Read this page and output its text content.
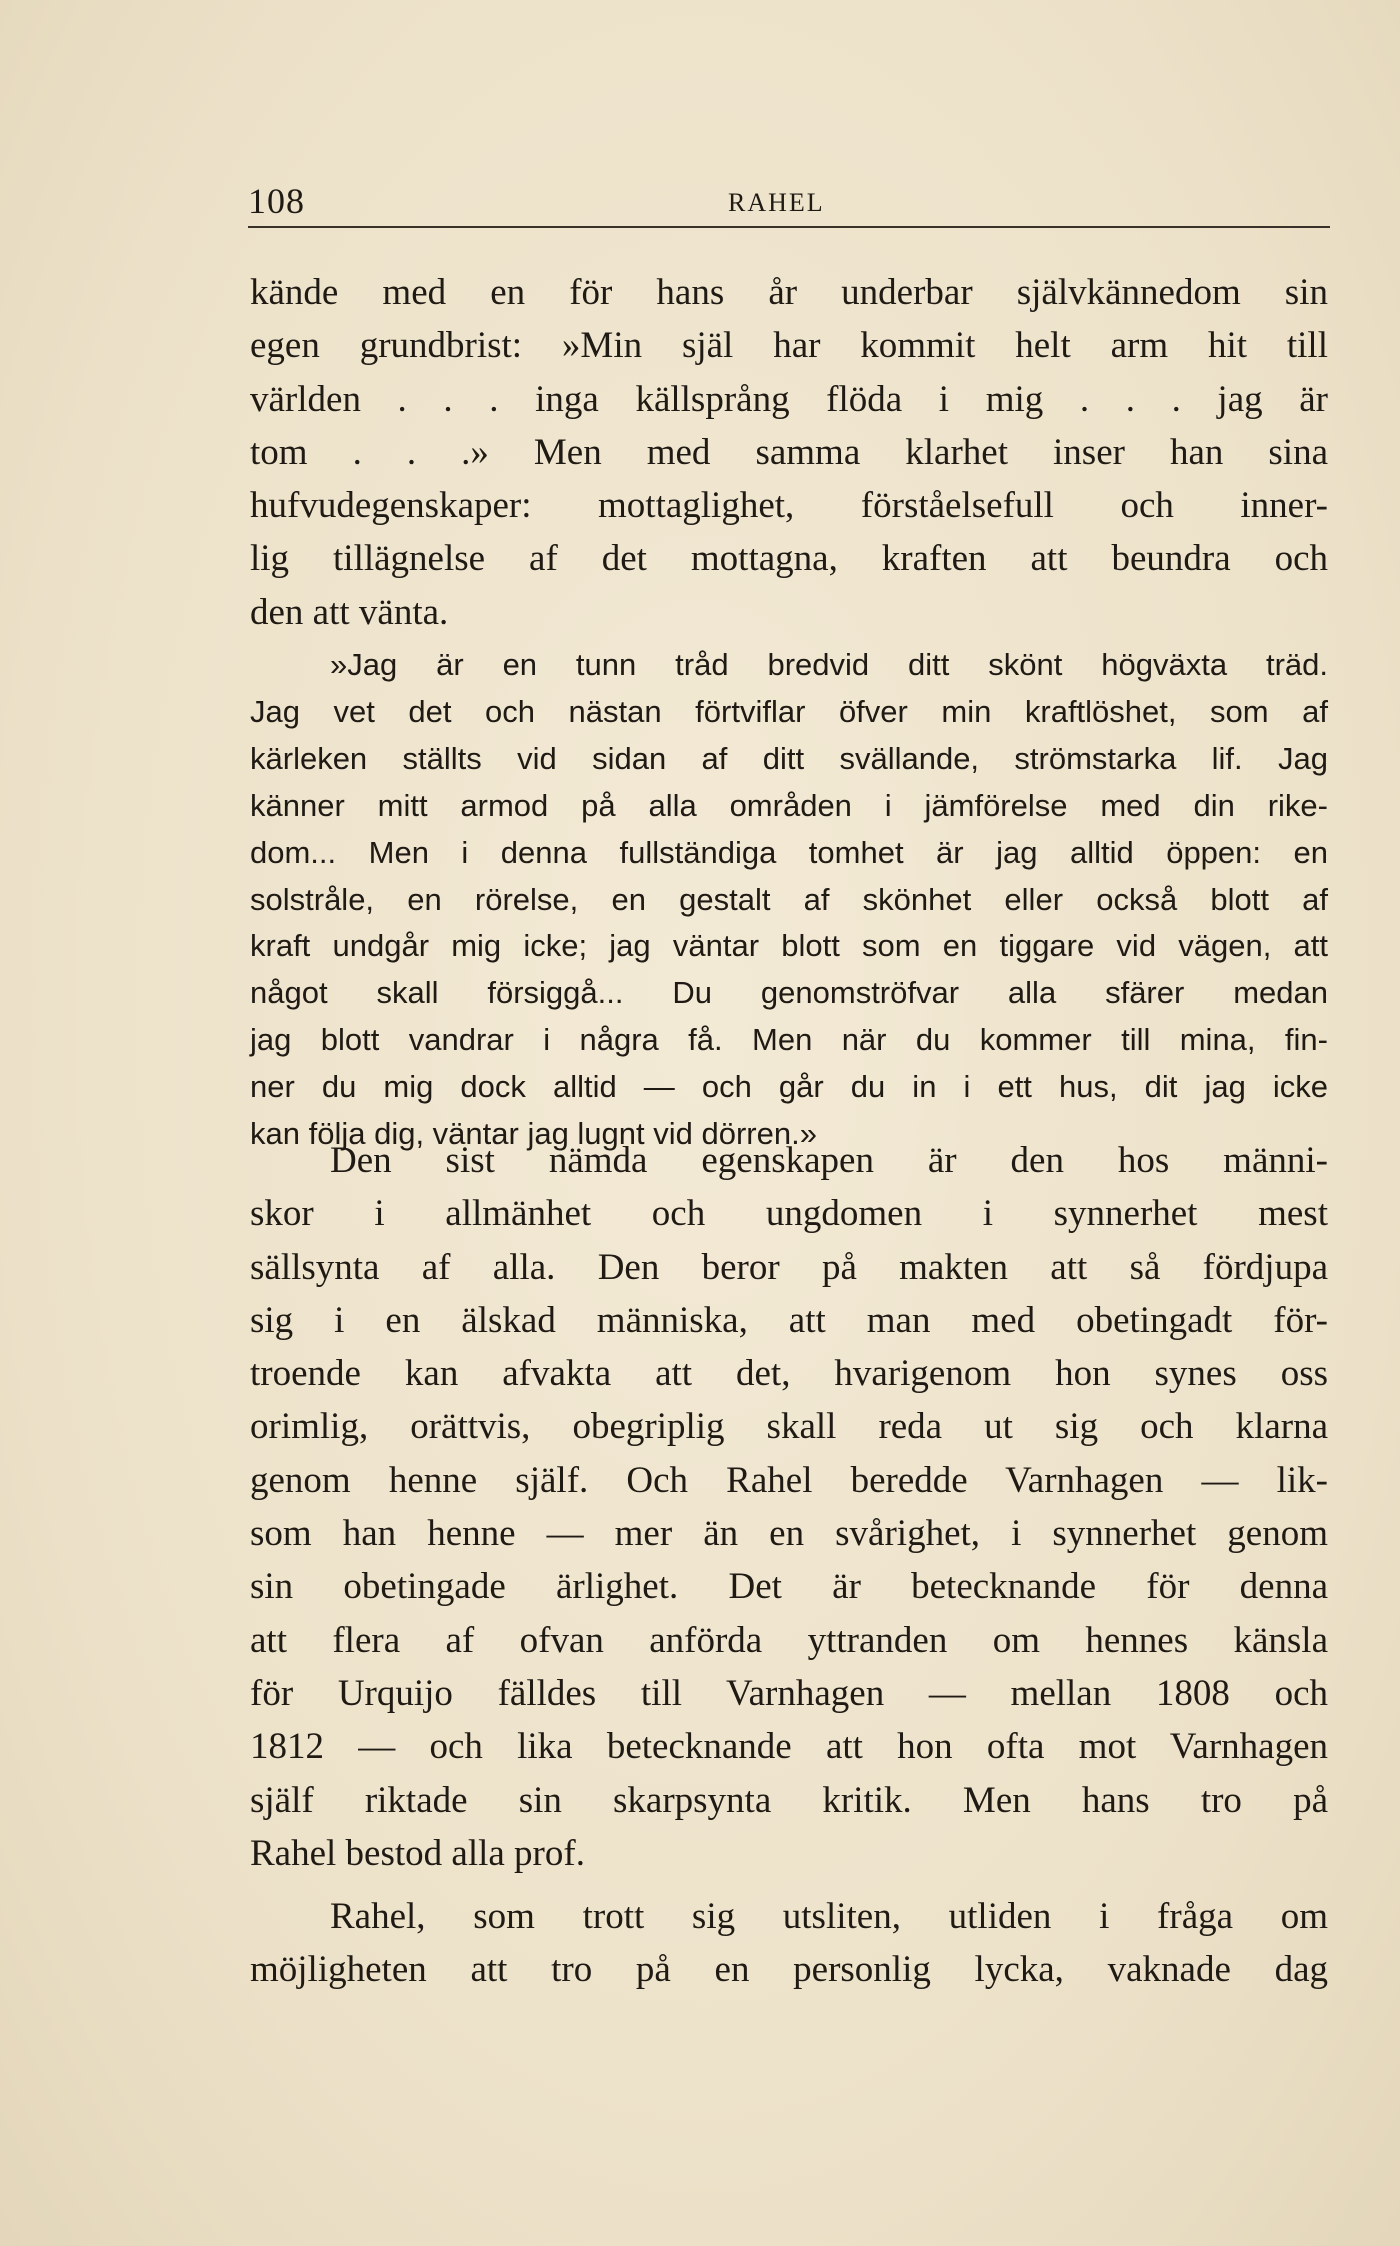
108	RAHEL
kände med en för hans år underbar självkännedom sin
egen grundbrist: »Min själ har kommit helt arm hit till
världen . . . inga källsprång flöda i mig . . . jag är
tom . . .» Men med samma klarhet inser han sina
hufvudegenskaper: mottaglighet, förståelsefull och inner-
lig tillägnelse af det mottagna, kraften att beundra och
den att vänta.
»Jag är en tunn tråd bredvid ditt skönt högväxta träd.
Jag vet det och nästan förtviflar öfver min kraftlöshet, som af
kärleken ställts vid sidan af ditt svällande, strömstarka lif. Jag
känner mitt armod på alla områden i jämförelse med din rike-
dom... Men i denna fullständiga tomhet är jag alltid öppen: en
solstråle, en rörelse, en gestalt af skönhet eller också blott af
kraft undgår mig icke; jag väntar blott som en tiggare vid vägen, att
något skall försiggå... Du genomströfvar alla sfärer medan
jag blott vandrar i några få. Men när du kommer till mina, fin-
ner du mig dock alltid — och går du in i ett hus, dit jag icke
kan följa dig, väntar jag lugnt vid dörren.»
Den sist nämda egenskapen är den hos männi-
skor i allmänhet och ungdomen i synnerhet mest
sällsynta af alla. Den beror på makten att så fördjupa
sig i en älskad människa, att man med obetingadt för-
troende kan afvakta att det, hvarigenom hon synes oss
orimlig, orättvis, obegriplig skall reda ut sig och klarna
genom henne själf. Och Rahel beredde Varnhagen — lik-
som han henne — mer än en svårighet, i synnerhet genom
sin obetingade ärlighet. Det är betecknande för denna
att flera af ofvan anförda yttranden om hennes känsla
för Urquijo fälldes till Varnhagen — mellan 1808 och
1812 — och lika betecknande att hon ofta mot Varnhagen
själf riktade sin skarpsynta kritik. Men hans tro på
Rahel bestod alla prof.
Rahel, som trott sig utsliten, utliden i fråga om
möjligheten att tro på en personlig lycka, vaknade dag
